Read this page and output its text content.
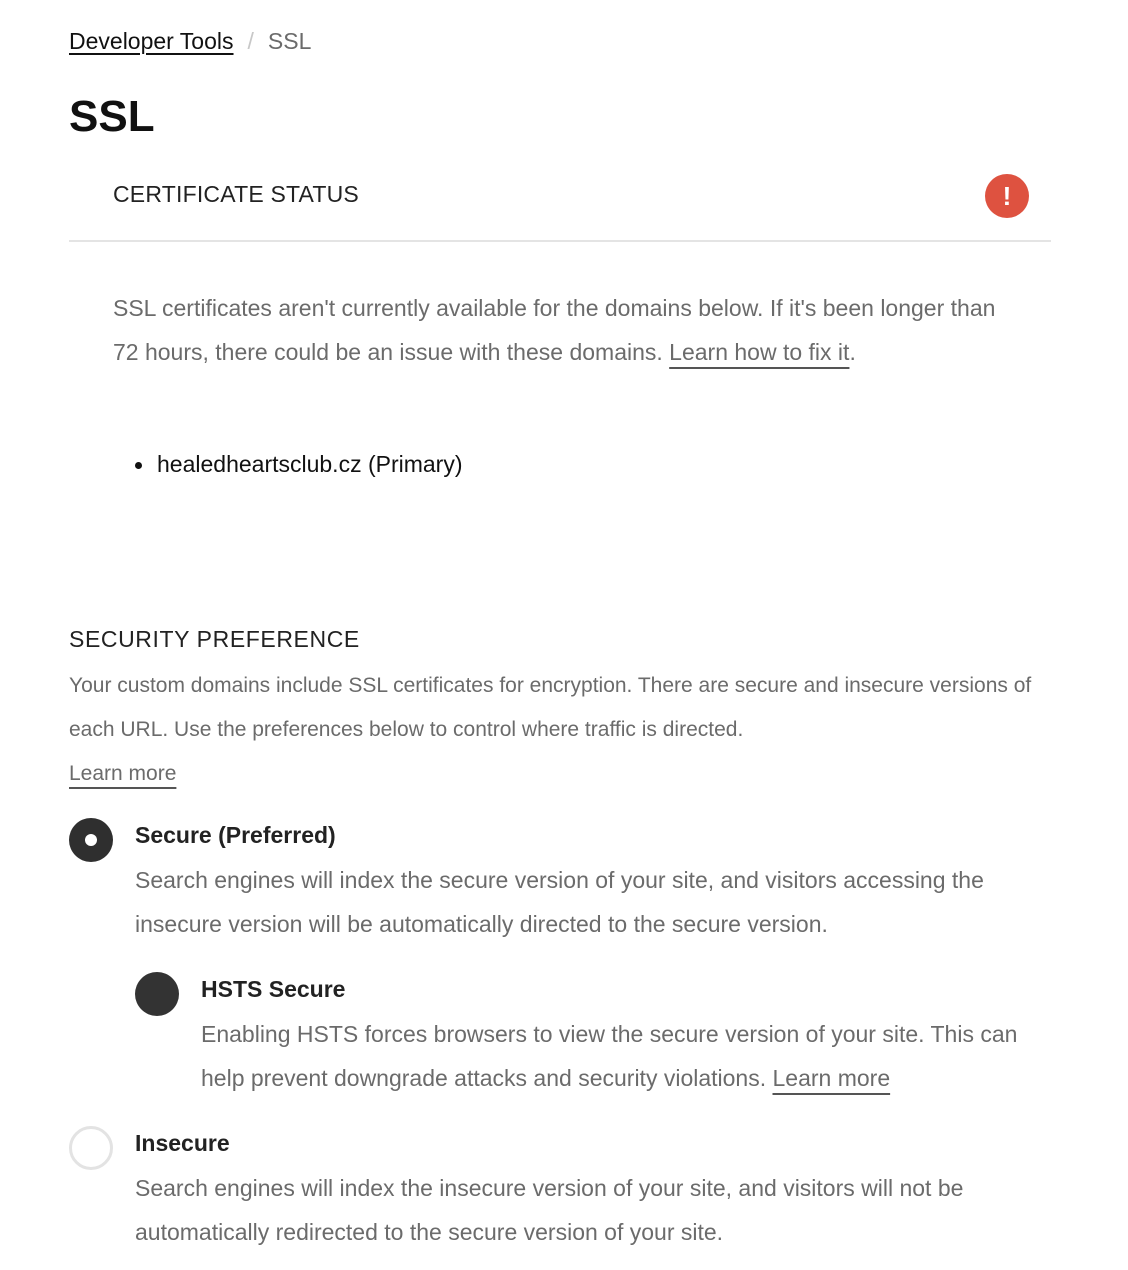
Developer Tools / SSL
SSL
CERTIFICATE STATUS	!

SSL certificates aren't currently available for the domains below. If it's been longer than 72 hours, there could be an issue with these domains. Learn how to fix it.

healedheartsclub.cz (Primary)
SECURITY PREFERENCE

Your custom domains include SSL certificates for encryption. There are secure and insecure versions of each URL. Use the preferences below to control where traffic is directed.

Learn more
Secure (Preferred)

Search engines will index the secure version of your site, and visitors accessing the insecure version will be automatically directed to the secure version.

HSTS Secure

Enabling HSTS forces browsers to view the secure version of your site. This can help prevent downgrade attacks and security violations. Learn more

Insecure

Search engines will index the insecure version of your site, and visitors will not be automatically redirected to the secure version of your site.
